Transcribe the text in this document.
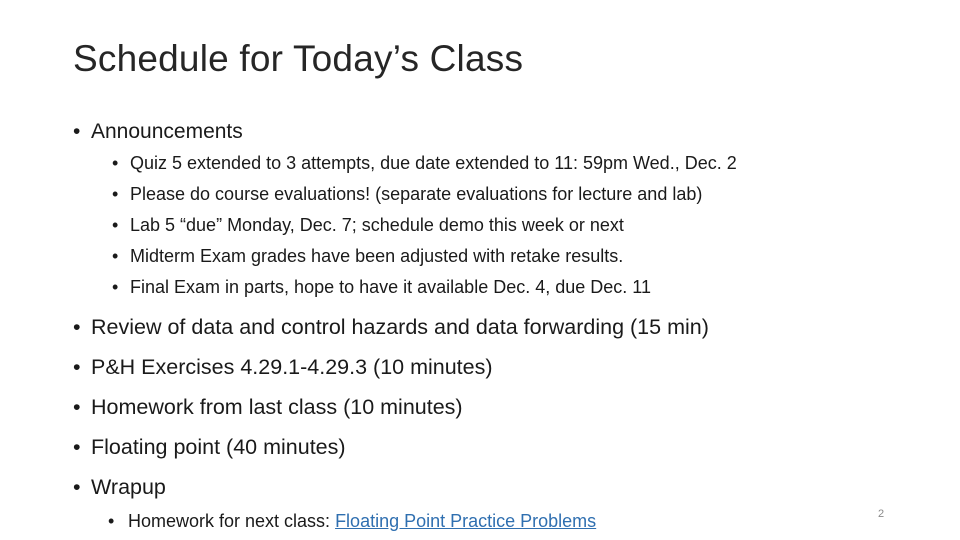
Schedule for Today’s Class
• Announcements
• Quiz 5 extended to 3 attempts, due date extended to 11: 59pm Wed., Dec. 2
• Please do course evaluations! (separate evaluations for lecture and lab)
• Lab 5 “due” Monday, Dec. 7; schedule demo this week or next
• Midterm Exam grades have been adjusted with retake results.
• Final Exam in parts, hope to have it available Dec. 4, due Dec. 11
• Review of data and control hazards and data forwarding (15 min)
• P&H Exercises 4.29.1-4.29.3 (10 minutes)
• Homework from last class (10 minutes)
• Floating point (40 minutes)
• Wrapup
• Homework for next class: Floating Point Practice Problems	2
